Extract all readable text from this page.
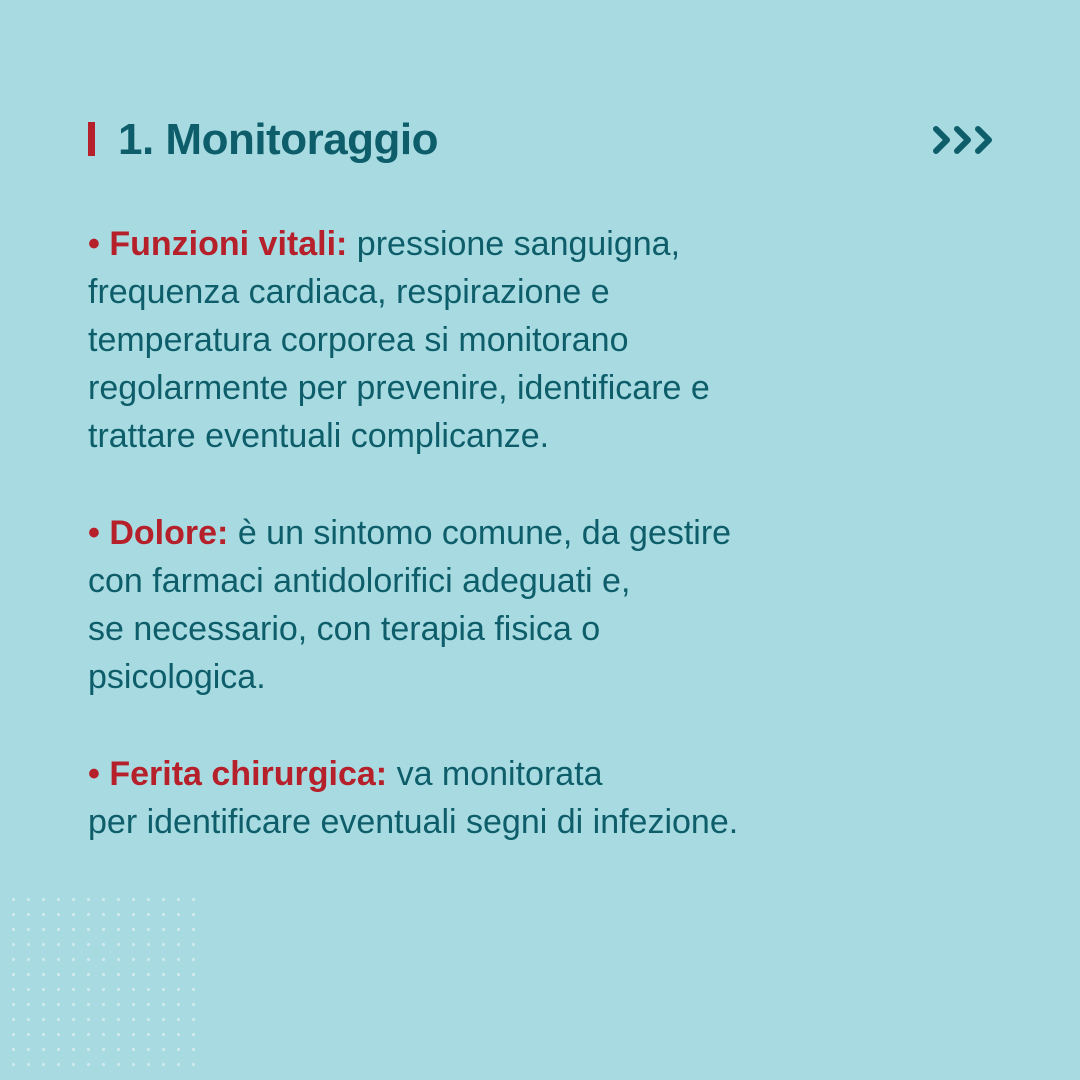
1. Monitoraggio

• Funzioni vitali: pressione sanguigna,
frequenza cardiaca, respirazione e
temperatura corporea si monitorano
regolarmente per prevenire, identificare e
trattare eventuali complicanze.

• Dolore: è un sintomo comune, da gestire
con farmaci antidolorifici adeguati e,
se necessario, con terapia fisica o
psicologica.

• Ferita chirurgica: va monitorata
per identificare eventuali segni di infezione.
